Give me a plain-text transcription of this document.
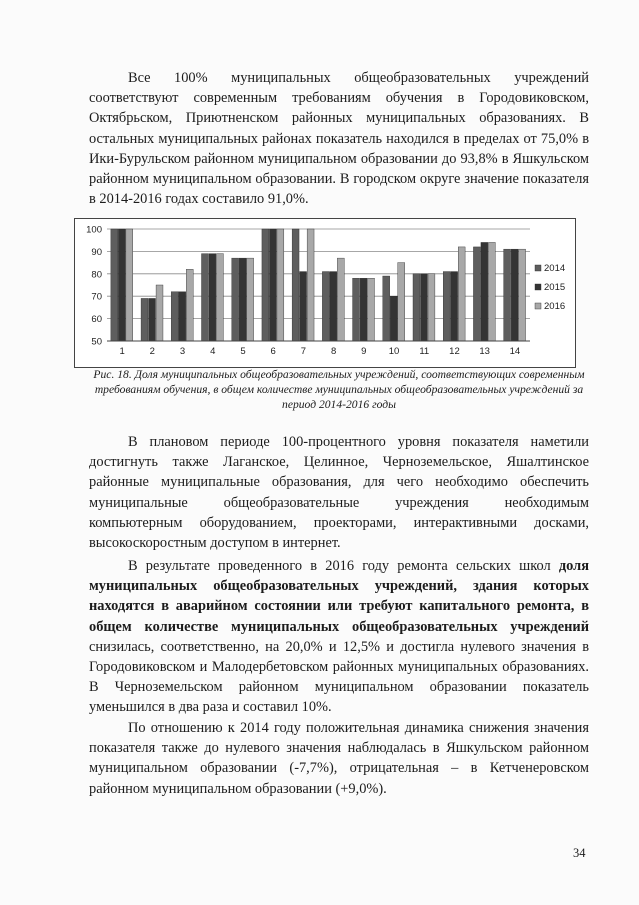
Все 100% муниципальных общеобразовательных учреждений соответствуют современным требованиям обучения в Городовиковском, Октябрьском, Приютненском районных муниципальных образованиях. В остальных муниципальных районах показатель находился в пределах от 75,0% в Ики-Бурульском районном муниципальном образовании до 93,8% в Яшкульском районном муниципальном образовании. В городском округе значение показателя в 2014-2016 годах составило 91,0%.

50
60
70
80
90
100
1	2	3	4	5	6	7	8	9 10 11 12 13 14
2014
2015
2016

Рис. 18. Доля муниципальных общеобразовательных учреждений, соответствующих современным требованиям обучения, в общем количестве муниципальных общеобразовательных учреждений за период 2014-2016 годы

В плановом периоде 100-процентного уровня показателя наметили достигнуть также Лаганское, Целинное, Черноземельское, Яшалтинское районные муниципальные образования, для чего необходимо обеспечить муниципальные общеобразовательные учреждения необходимым компьютерным оборудованием, проекторами, интерактивными досками, высокоскоростным доступом в интернет.

В результате проведенного в 2016 году ремонта сельских школ доля муниципальных общеобразовательных учреждений, здания которых находятся в аварийном состоянии или требуют капитального ремонта, в общем количестве муниципальных общеобразовательных учреждений снизилась, соответственно, на 20,0% и 12,5% и достигла нулевого значения в Городовиковском и Малодербетовском районных муниципальных образованиях. В Черноземельском районном муниципальном образовании показатель уменьшился в два раза и составил 10%.

По отношению к 2014 году положительная динамика снижения значения показателя также до нулевого значения наблюдалась в Яшкульском районном муниципальном образовании (-7,7%), отрицательная – в Кетченеровском районном муниципальном образовании (+9,0%).

34
